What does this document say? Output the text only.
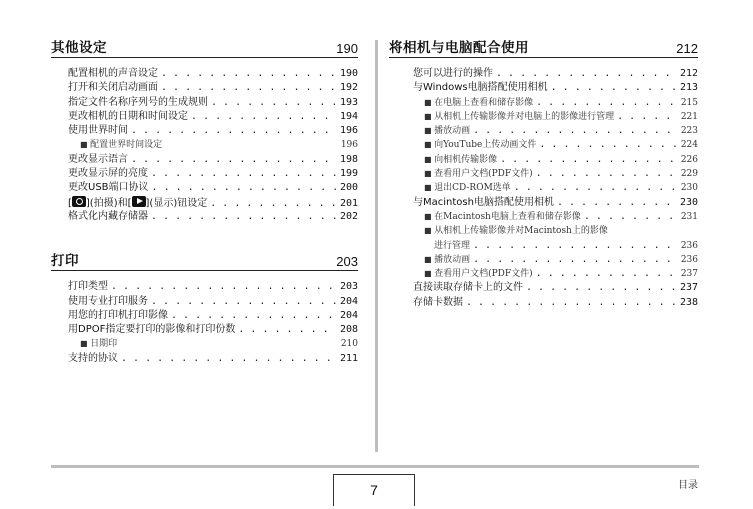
其他设定	190
配置相机的声音设定 . . .	190
打开和关闭启动画面 . . .	192
指定文件名称序列号的生成规则 . . .	193
更改相机的日期和时间设定 . . .	194
使用世界时间 . . .	196
■ 配置世界时间设定	196
更改显示语言 . . .	198
更改显示屏的亮度 . . .	199
更改USB端口协议 . . .	200
[ ](拍摄)和[ ](显示)钮设定 . . .	201
格式化内藏存储器 . . .	202
打印	203
打印类型 . . .	203
使用专业打印服务 . . .	204
用您的打印机打印影像 . . .	204
用DPOF指定要打印的影像和打印份数 . . .	208
■ 日期印	210
支持的协议 . . .	211
将相机与电脑配合使用	212
您可以进行的操作 . . .	212
与Windows电脑搭配使用相机 . . .	213
■ 在电脑上查看和储存影像 . . .	215
■ 从相机上传输影像并对电脑上的影像进行管理 . . .	221
■ 播放动画 . . .	223
■ 向YouTube上传动画文件 . . .	224
■ 向相机传输影像 . . .	226
■ 查看用户文档(PDF文件) . . .	229
■ 退出CD-ROM选单 . . .	230
与Macintosh电脑搭配使用相机 . . .	230
■ 在Macintosh电脑上查看和储存影像 . . .	231
■ 从相机上传输影像并对Macintosh上的影像
进行管理 . . .	236
■ 播放动画 . . .	236
■ 查看用户文档(PDF文件) . . .	237
直接读取存储卡上的文件 . . .	237
存储卡数据 . . .	238
7	目录
